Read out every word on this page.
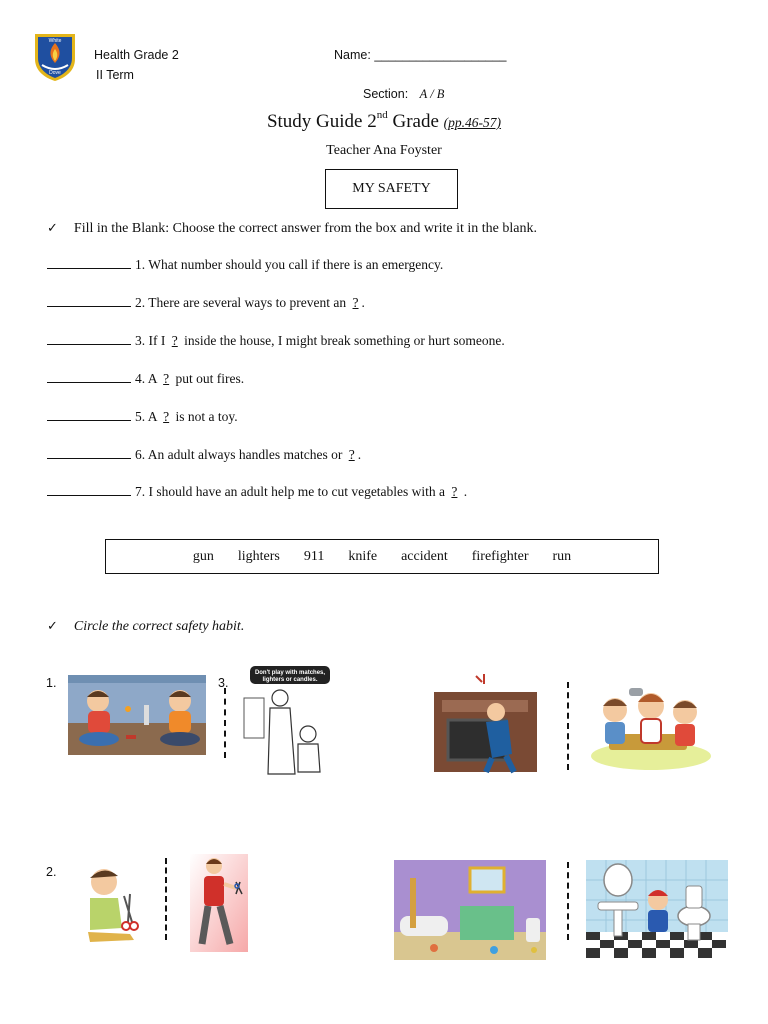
White
Dove
Health Grade 2
II Term
Name: ___________________
Section: A / B
Study Guide 2nd Grade (pp.46-57)
Teacher Ana Foyster
MY SAFETY
✓ Fill in the Blank: Choose the correct answer from the box and write it in the blank.
1. What number should you call if there is an emergency.
2. There are several ways to prevent an ? .
3. If I ? inside the house, I might break something or hurt someone.
4. A ? put out fires.
5. A ? is not a toy.
6. An adult always handles matches or ? .
7. I should have an adult help me to cut vegetables with a ? .
gun lighters 911 knife accident firefighter run
✓ Circle the correct safety habit.
1.	3.
2.
Don't play with matches,
lighters or candles.
